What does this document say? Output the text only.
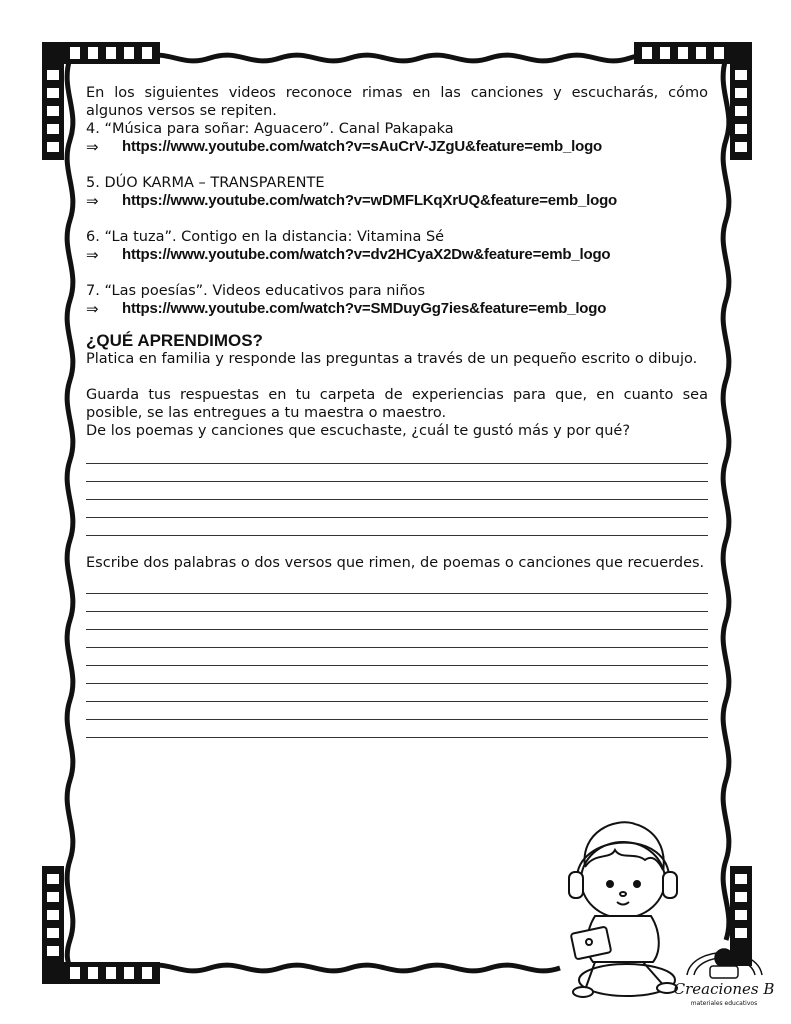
En los siguientes videos reconoce rimas en las canciones y escucharás, cómo algunos versos se repiten.

4. “Música para soñar: Aguacero”. Canal Pakapaka
⇒	https://www.youtube.com/watch?v=sAuCrV-JZgU&feature=emb_logo
5. DÚO KARMA – TRANSPARENTE
⇒	https://www.youtube.com/watch?v=wDMFLKqXrUQ&feature=emb_logo
6. “La tuza”. Contigo en la distancia: Vitamina Sé
⇒	https://www.youtube.com/watch?v=dv2HCyaX2Dw&feature=emb_logo
7. “Las poesías”. Videos educativos para niños
⇒	https://www.youtube.com/watch?v=SMDuyGg7ies&feature=emb_logo
¿QUÉ APRENDIMOS?

Platica en familia y responde las preguntas a través de un pequeño escrito o dibujo.

Guarda tus respuestas en tu carpeta de experiencias para que, en cuanto sea posible, se las entregues a tu maestra o maestro.

De los poemas y canciones que escuchaste, ¿cuál te gustó más y por qué?

Escribe dos palabras o dos versos que rimen, de poemas o canciones que recuerdes.

Creaciones B
materiales educativos
